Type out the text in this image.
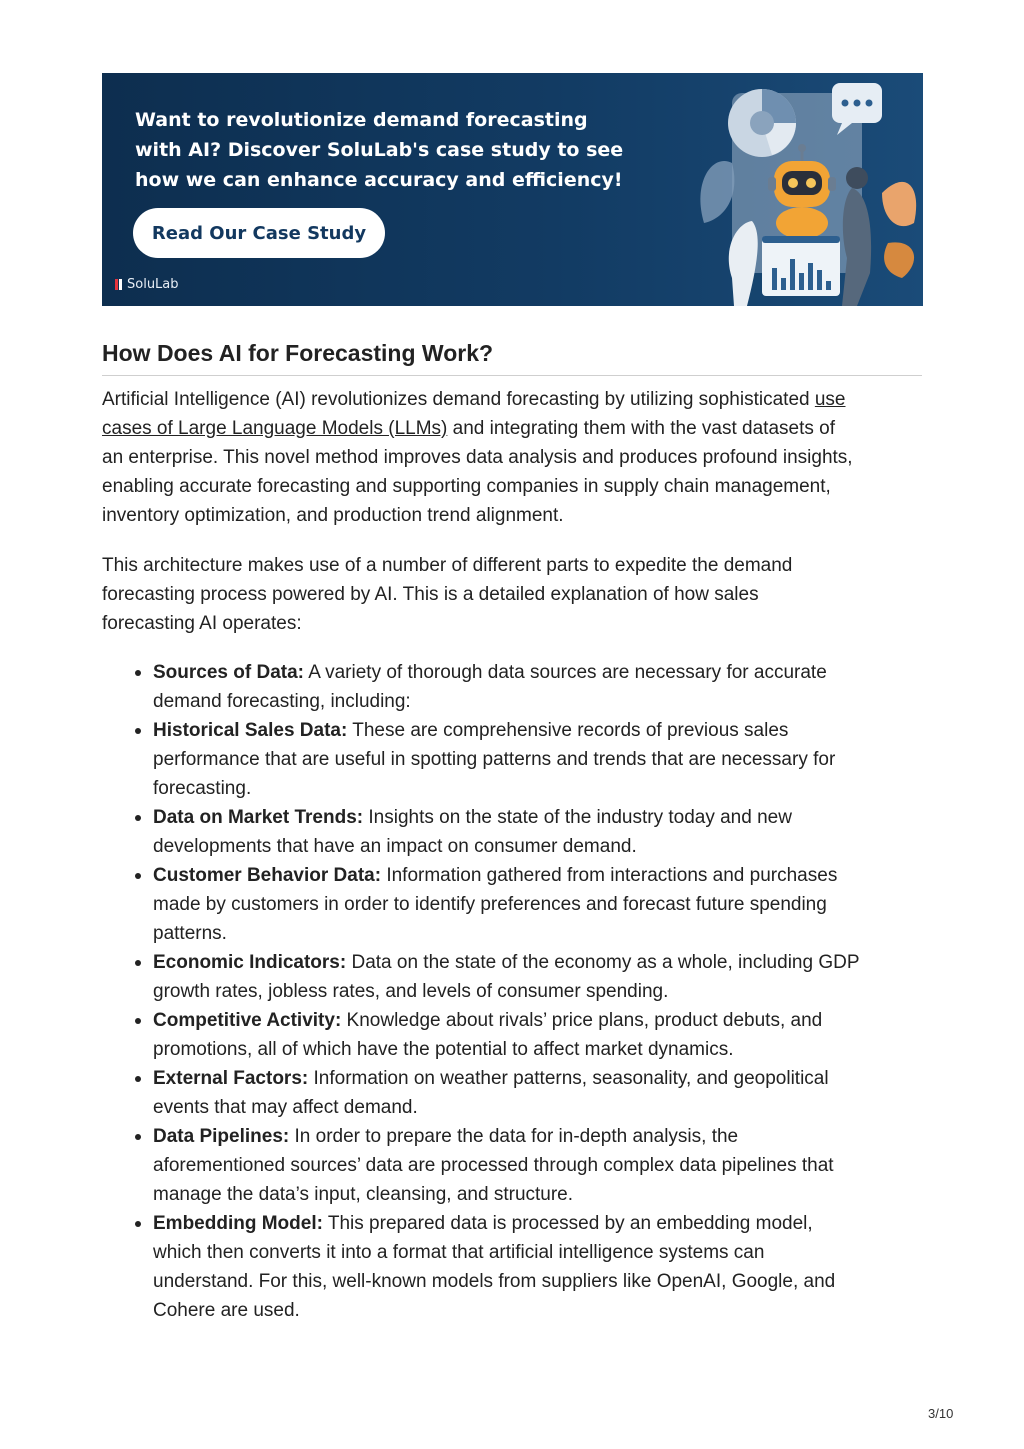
Want to revolutionize demand forecasting
with AI? Discover SoluLab's case study to see
how we can enhance accuracy and efficiency!
Read Our Case Study
SoluLab
How Does AI for Forecasting Work?

Artificial Intelligence (AI) revolutionizes demand forecasting by utilizing sophisticated use
cases of Large Language Models (LLMs) and integrating them with the vast datasets of
an enterprise. This novel method improves data analysis and produces profound insights,
enabling accurate forecasting and supporting companies in supply chain management,
inventory optimization, and production trend alignment.

This architecture makes use of a number of different parts to expedite the demand
forecasting process powered by AI. This is a detailed explanation of how sales
forecasting AI operates:

Sources of Data: A variety of thorough data sources are necessary for accurate
demand forecasting, including:
Historical Sales Data: These are comprehensive records of previous sales
performance that are useful in spotting patterns and trends that are necessary for
forecasting.
Data on Market Trends: Insights on the state of the industry today and new
developments that have an impact on consumer demand.
Customer Behavior Data: Information gathered from interactions and purchases
made by customers in order to identify preferences and forecast future spending
patterns.
Economic Indicators: Data on the state of the economy as a whole, including GDP
growth rates, jobless rates, and levels of consumer spending.
Competitive Activity: Knowledge about rivals’ price plans, product debuts, and
promotions, all of which have the potential to affect market dynamics.
External Factors: Information on weather patterns, seasonality, and geopolitical
events that may affect demand.
Data Pipelines: In order to prepare the data for in-depth analysis, the
aforementioned sources’ data are processed through complex data pipelines that
manage the data’s input, cleansing, and structure.
Embedding Model: This prepared data is processed by an embedding model,
which then converts it into a format that artificial intelligence systems can
understand. For this, well-known models from suppliers like OpenAI, Google, and
Cohere are used.
3/10
